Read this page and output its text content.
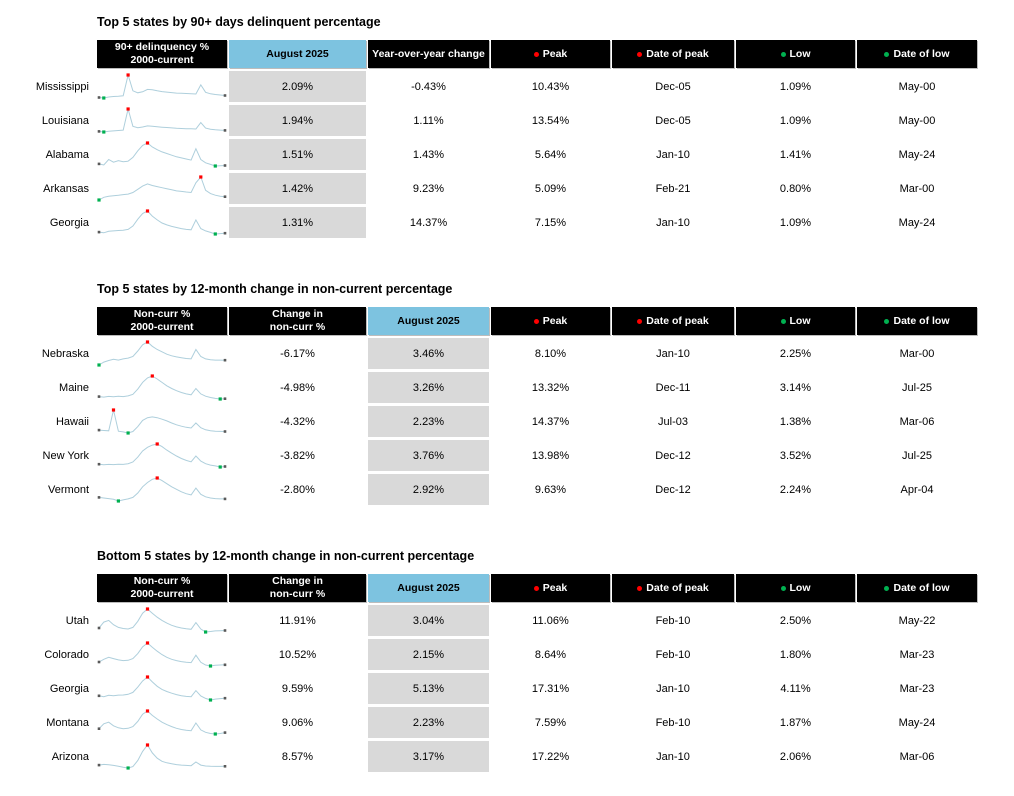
Top 5 states by 90+ days delinquent percentage
90+ delinquency %
2000-current
August 2025	Year-over-year change	Peak	Date of peak	Low	Date of low
Mississippi	2.09%	-0.43%	10.43%	Dec-05	1.09%	May-00
Louisiana	1.94%	1.11%	13.54%	Dec-05	1.09%	May-00
Alabama	1.51%	1.43%	5.64%	Jan-10	1.41%	May-24
Arkansas	1.42%	9.23%	5.09%	Feb-21	0.80%	Mar-00
Georgia	1.31%	14.37%	7.15%	Jan-10	1.09%	May-24
Top 5 states by 12-month change in non-current percentage
Non-curr %
2000-current
Change in
non-curr %
August 2025	Peak	Date of peak	Low	Date of low
Nebraska	-6.17%	3.46%	8.10%	Jan-10	2.25%	Mar-00
Maine	-4.98%	3.26%	13.32%	Dec-11	3.14%	Jul-25
Hawaii	-4.32%	2.23%	14.37%	Jul-03	1.38%	Mar-06
New York	-3.82%	3.76%	13.98%	Dec-12	3.52%	Jul-25
Vermont	-2.80%	2.92%	9.63%	Dec-12	2.24%	Apr-04
Bottom 5 states by 12-month change in non-current percentage
Non-curr %
2000-current
Change in
non-curr %
August 2025	Peak	Date of peak	Low	Date of low
Utah	11.91%	3.04%	11.06%	Feb-10	2.50%	May-22
Colorado	10.52%	2.15%	8.64%	Feb-10	1.80%	Mar-23
Georgia	9.59%	5.13%	17.31%	Jan-10	4.11%	Mar-23
Montana	9.06%	2.23%	7.59%	Feb-10	1.87%	May-24
Arizona	8.57%	3.17%	17.22%	Jan-10	2.06%	Mar-06
